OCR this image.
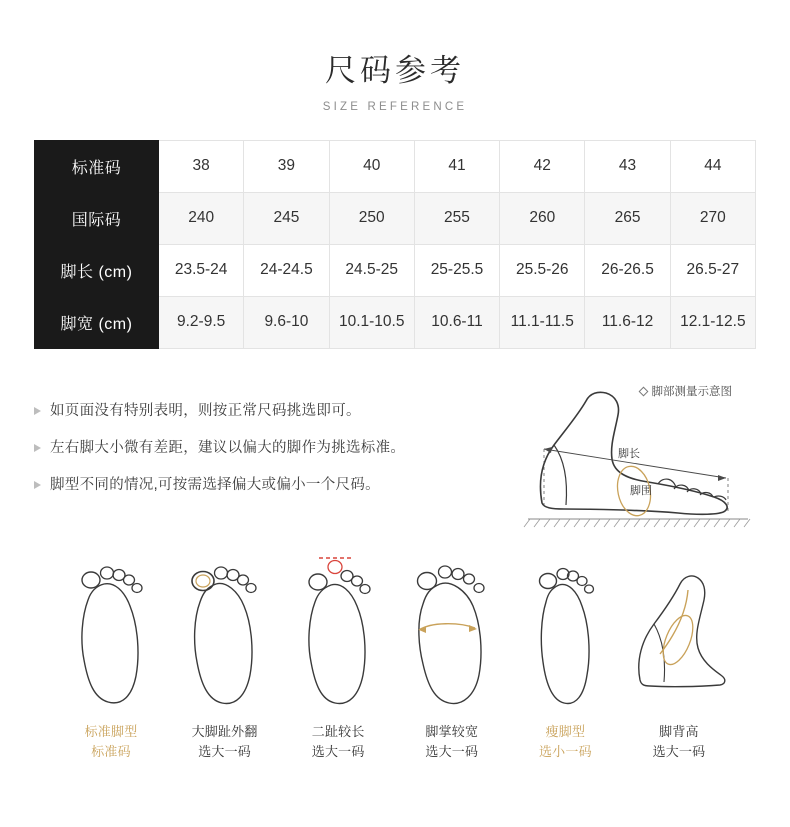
尺码参考
SIZE REFERENCE
标准码	38	39	40	41	42	43	44
国际码	240	245	250	255	260	265	270
脚长 (cm)	23.5-24	24-24.5	24.5-25	25-25.5	25.5-26	26-26.5	26.5-27
脚宽 (cm)	9.2-9.5	9.6-10	10.1-10.5	10.6-11	11.1-11.5	11.6-12	12.1-12.5
如页面没有特别表明，则按正常尺码挑选即可。
左右脚大小微有差距，建议以偏大的脚作为挑选标准。
脚型不同的情况,可按需选择偏大或偏小一个尺码。
脚部测量示意图
脚长
脚围
标准脚型
标准码
大脚趾外翻
选大一码
二趾较长
选大一码
脚掌较宽
选大一码
瘦脚型
选小一码
脚背高
选大一码
